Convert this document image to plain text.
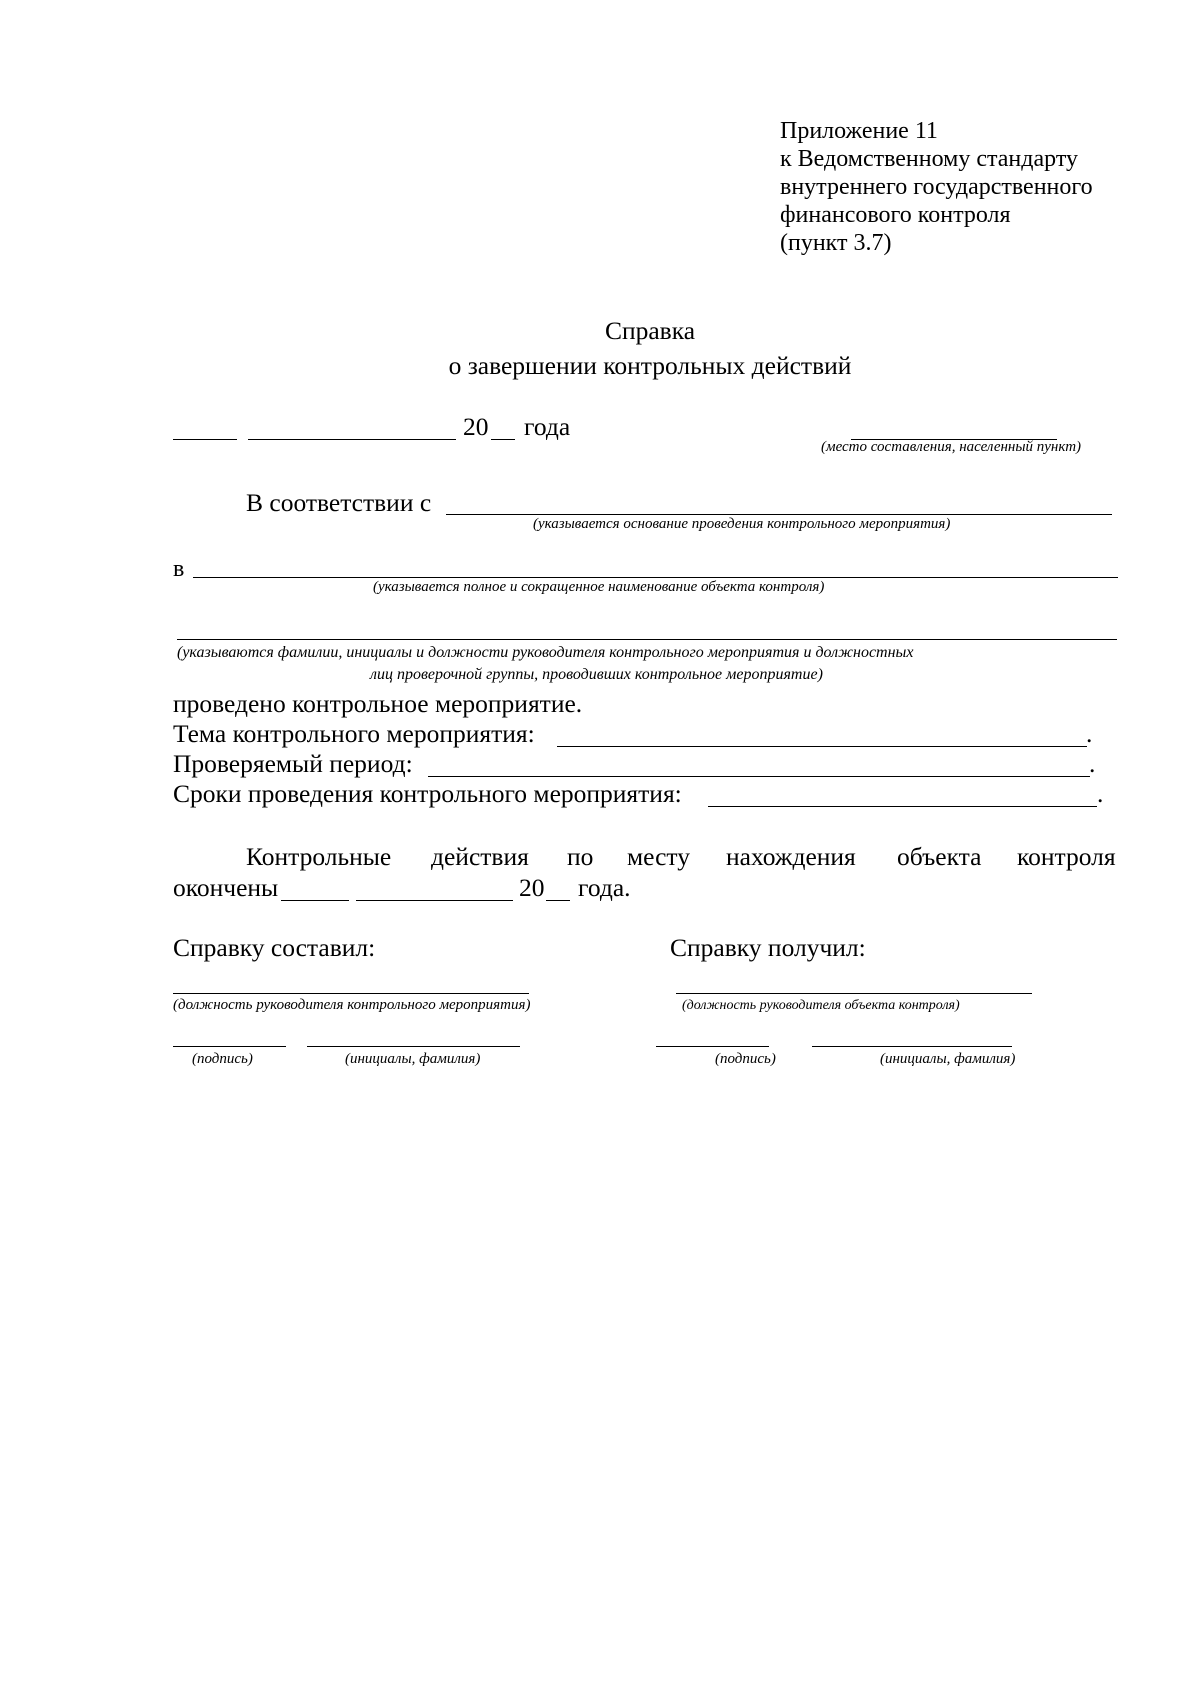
Приложение 11
к Ведомственному стандарту
внутреннего государственного
финансового контроля
(пункт 3.7)
Справка
о завершении контрольных действий
20 года
(место составления, населенный пункт)
В соответствии с
(указывается основание проведения контрольного мероприятия)
в
(указывается полное и сокращенное наименование объекта контроля)
(указываются фамилии, инициалы и должности руководителя контрольного мероприятия и должностных
лиц проверочной группы, проводивших контрольное мероприятие)
проведено контрольное мероприятие.
Тема контрольного мероприятия:	.
Проверяемый период:	.
Сроки проведения контрольного мероприятия:	.
Контрольные действия по месту нахождения объекта контроля
окончены	20 года.
Справку составил:	Справку получил:
(должность руководителя контрольного мероприятия)	(должность руководителя объекта контроля)
(подпись)	(инициалы, фамилия)	(подпись)	(инициалы, фамилия)
